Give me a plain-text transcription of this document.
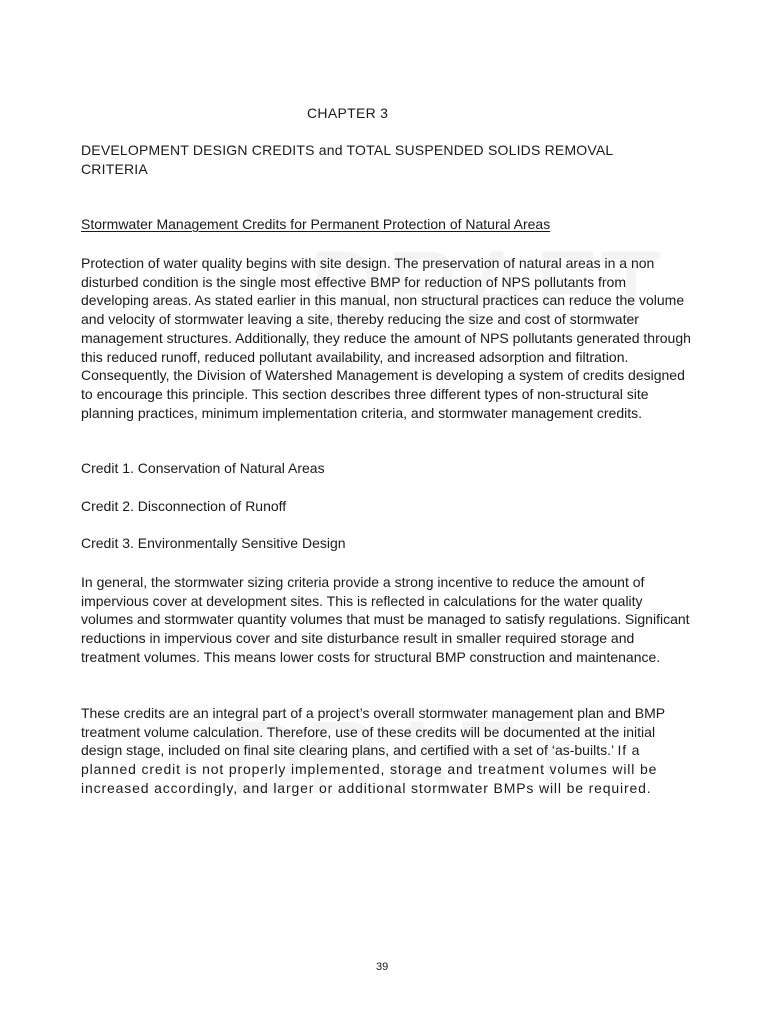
CHAPTER 3
DEVELOPMENT DESIGN CREDITS and TOTAL SUSPENDED SOLIDS REMOVAL CRITERIA
Stormwater Management Credits for Permanent Protection of Natural Areas
Protection of water quality begins with site design. The preservation of natural areas in a non disturbed condition is the single most effective BMP for reduction of NPS pollutants from developing areas. As stated earlier in this manual, non structural practices can reduce the volume and velocity of stormwater leaving a site, thereby reducing the size and cost of stormwater management structures. Additionally, they reduce the amount of NPS pollutants generated through this reduced runoff, reduced pollutant availability, and increased adsorption and filtration. Consequently, the Division of Watershed Management is developing a system of credits designed to encourage this principle. This section describes three different types of non-structural site planning practices, minimum implementation criteria, and stormwater management credits.
Credit 1. Conservation of Natural Areas
Credit 2. Disconnection of Runoff
Credit 3. Environmentally Sensitive Design
In general, the stormwater sizing criteria provide a strong incentive to reduce the amount of impervious cover at development sites. This is reflected in calculations for the water quality volumes and stormwater quantity volumes that must be managed to satisfy regulations. Significant reductions in impervious cover and site disturbance result in smaller required storage and treatment volumes. This means lower costs for structural BMP construction and maintenance.
These credits are an integral part of a project’s overall stormwater management plan and BMP treatment volume calculation. Therefore, use of these credits will be documented at the initial design stage, included on final site clearing plans, and certified with a set of ‘as-builts.’ If a planned credit is not properly implemented, storage and treatment volumes will be increased accordingly, and larger or additional stormwater BMPs will be required.
39
